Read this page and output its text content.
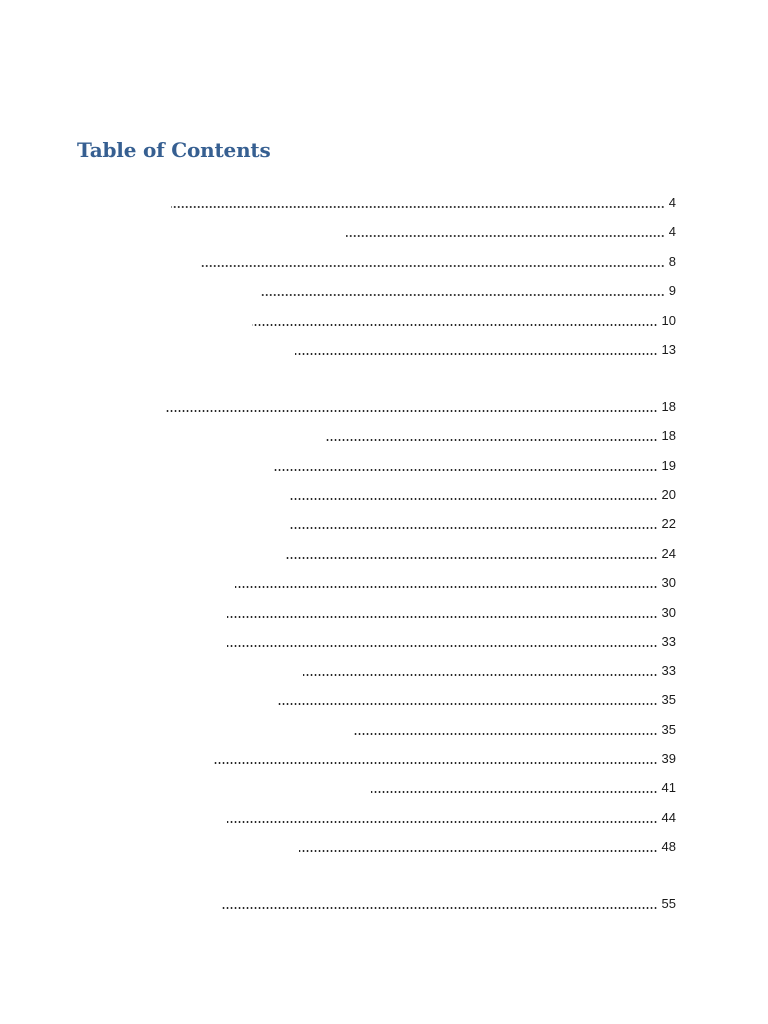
Table of Contents
4
4
8
9
10
13
18
18
19
20
22
24
30
30
33
33
35
35
39
41
44
48
55
